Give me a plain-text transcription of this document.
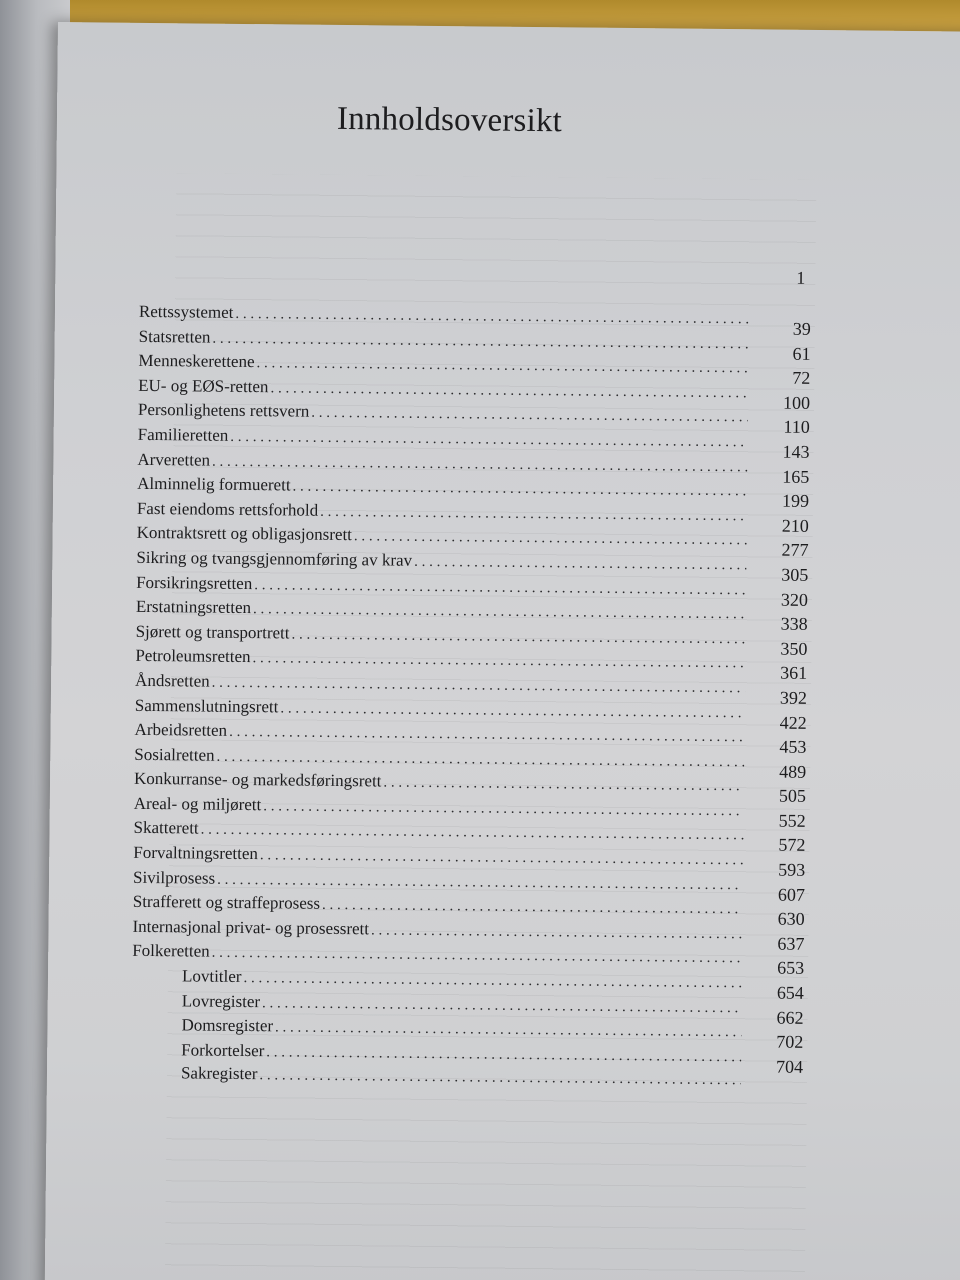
Innholdsoversikt
1
Rettssystemet
. . .
39
Statsretten
. . .
61
Menneskerettene
. . .
72
EU- og EØS-retten
. . .
100
Personlighetens rettsvern
. . .
110
Familieretten
. . .
143
Arveretten
. . .
165
Alminnelig formuerett
. . .
199
Fast eiendoms rettsforhold
. . .
210
Kontraktsrett og obligasjonsrett
. . .
277
Sikring og tvangsgjennomføring av krav
. . .
305
Forsikringsretten
. . .
320
Erstatningsretten
. . .
338
Sjørett og transportrett
. . .
350
Petroleumsretten
. . .
361
Åndsretten
. . .
392
Sammenslutningsrett
. . .
422
Arbeidsretten
. . .
453
Sosialretten
. . .
489
Konkurranse- og markedsføringsrett
. . .
505
Areal- og miljørett
. . .
552
Skatterett
. . .
572
Forvaltningsretten
. . .
593
Sivilprosess
. . .
607
Strafferett og straffeprosess
. . .
630
Internasjonal privat- og prosessrett
. . .
637
Folkeretten
. . .
653
Lovtitler
. . .
654
Lovregister
. . .
662
Domsregister
. . .
702
Forkortelser
. . .
704
Sakregister
. . .
